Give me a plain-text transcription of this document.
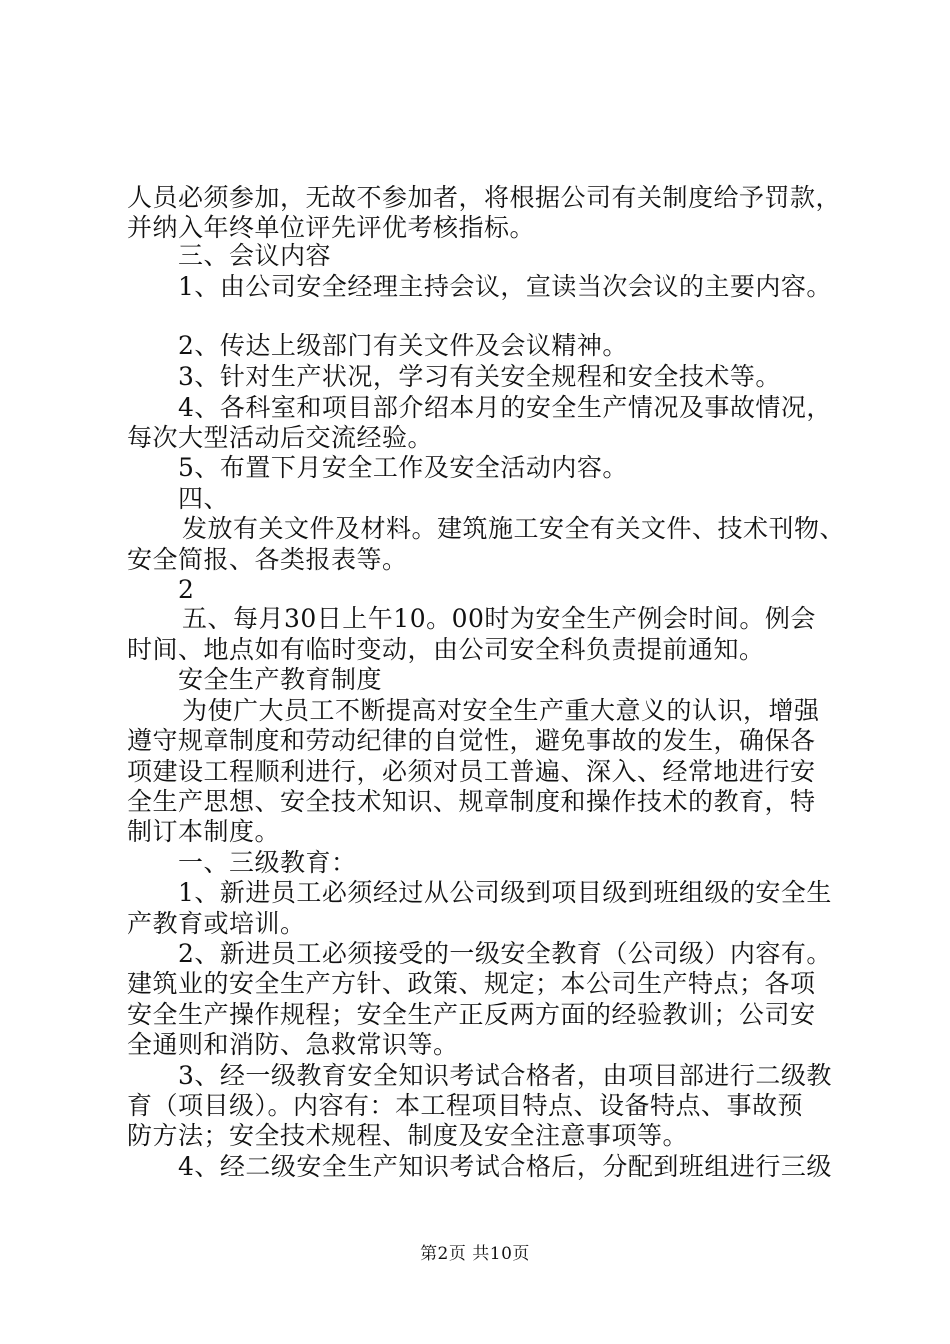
人员必须参加，无故不参加者，将根据公司有关制度给予罚款，
并纳入年终单位评先评优考核指标。
三、会议内容
1、由公司安全经理主持会议，宣读当次会议的主要内容。
2、传达上级部门有关文件及会议精神。
3、针对生产状况，学习有关安全规程和安全技术等。
4、各科室和项目部介绍本月的安全生产情况及事故情况，
每次大型活动后交流经验。
5、布置下月安全工作及安全活动内容。
四、
发放有关文件及材料。建筑施工安全有关文件、技术刊物、
安全简报、各类报表等。
2
五、每月30日上午10。00时为安全生产例会时间。例会
时间、地点如有临时变动，由公司安全科负责提前通知。
安全生产教育制度
为使广大员工不断提高对安全生产重大意义的认识，增强
遵守规章制度和劳动纪律的自觉性，避免事故的发生，确保各
项建设工程顺利进行，必须对员工普遍、深入、经常地进行安
全生产思想、安全技术知识、规章制度和操作技术的教育，特
制订本制度。
一、三级教育：
1、新进员工必须经过从公司级到项目级到班组级的安全生
产教育或培训。
2、新进员工必须接受的一级安全教育（公司级）内容有。
建筑业的安全生产方针、政策、规定；本公司生产特点；各项
安全生产操作规程；安全生产正反两方面的经验教训；公司安
全通则和消防、急救常识等。
3、经一级教育安全知识考试合格者，由项目部进行二级教
育（项目级）。内容有：本工程项目特点、设备特点、事故预
防方法；安全技术规程、制度及安全注意事项等。
4、经二级安全生产知识考试合格后，分配到班组进行三级
第2页 共10页
